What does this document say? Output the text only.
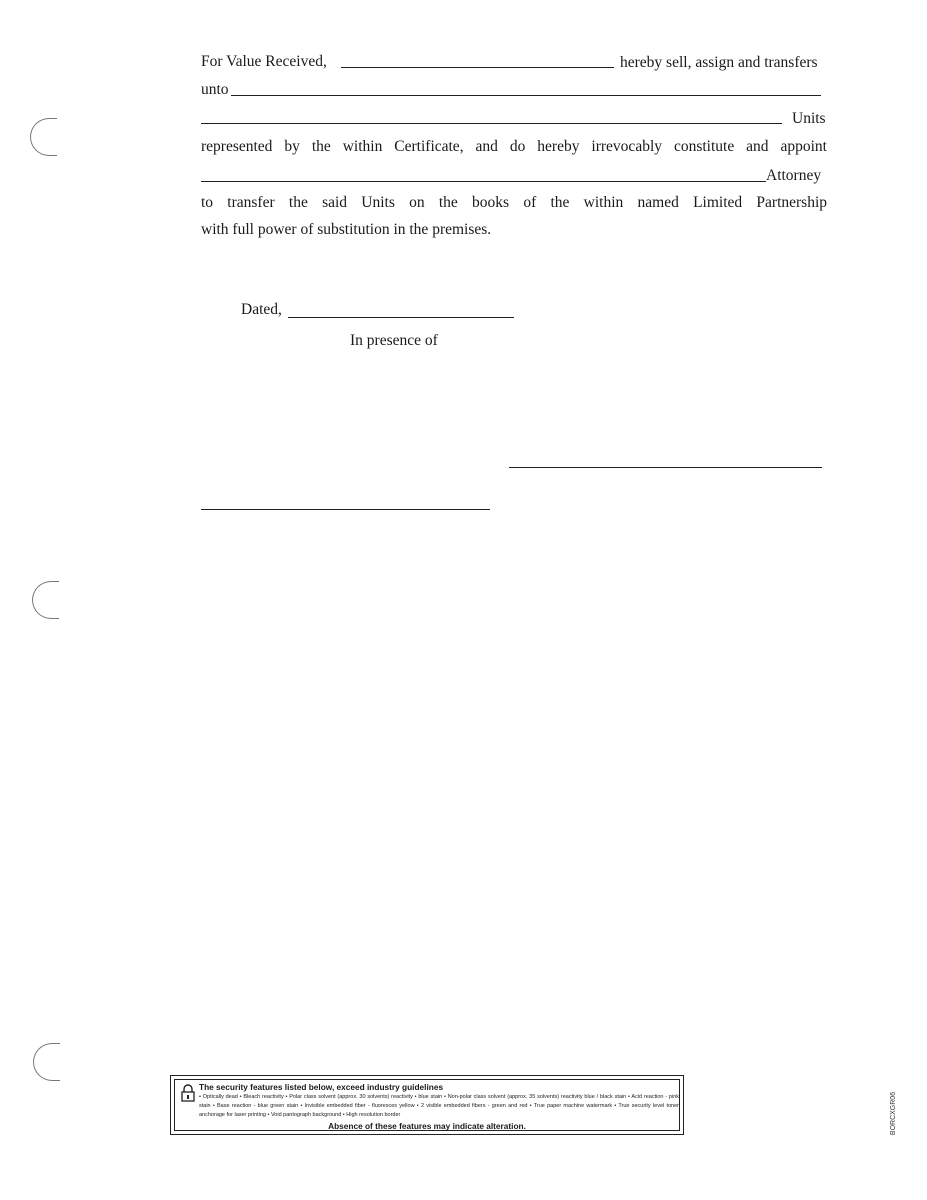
For Value Received,	hereby sell, assign and transfers
unto
Units
represented by the within Certificate, and do hereby irrevocably constitute and appoint
Attorney
to transfer the said Units on the books of the within named Limited Partnership
with full power of substitution in the premises.
Dated,
In presence of
The security features listed below, exceed industry guidelines
• Optically dead • Bleach reactivity • Polar class solvent (approx. 30 solvents) reactivity • blue stain • Non-polar class solvent (approx. 35 solvents) reactivity blue / black stain • Acid reaction - pink stain • Base reaction - blue green stain • Invisible embedded fiber - fluoresces yellow • 2 visible embedded fibers - green and red • True paper machine watermark • True security level toner anchorage for laser printing • Void pantograph background • High resolution border
Absence of these features may indicate alteration.	BORCXGR06
